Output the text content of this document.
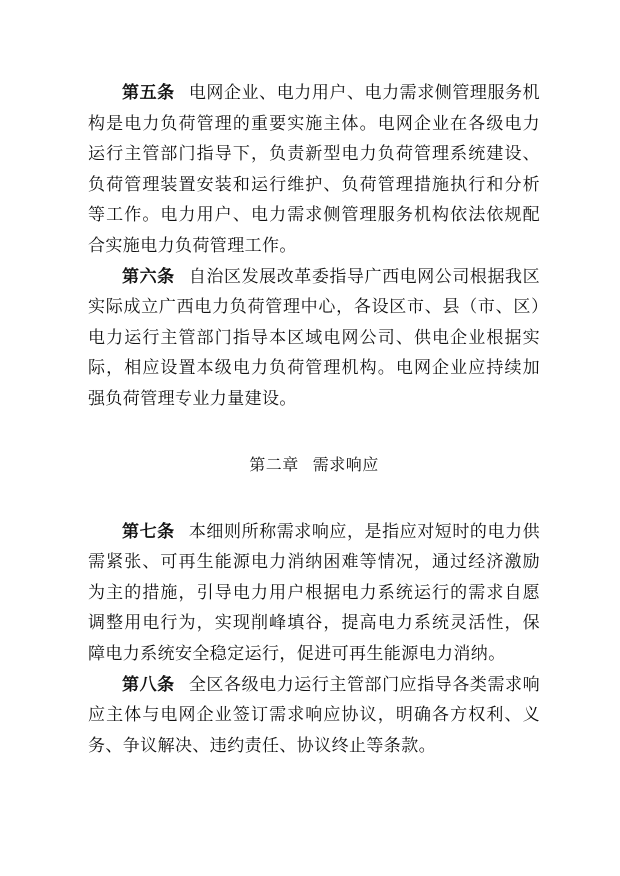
第五条 电网企业、电力用户、电力需求侧管理服务机构是电力负荷管理的重要实施主体。电网企业在各级电力运行主管部门指导下，负责新型电力负荷管理系统建设、负荷管理装置安装和运行维护、负荷管理措施执行和分析等工作。电力用户、电力需求侧管理服务机构依法依规配合实施电力负荷管理工作。

第六条 自治区发展改革委指导广西电网公司根据我区实际成立广西电力负荷管理中心，各设区市、县（市、区）电力运行主管部门指导本区域电网公司、供电企业根据实际，相应设置本级电力负荷管理机构。电网企业应持续加强负荷管理专业力量建设。

第二章 需求响应

第七条 本细则所称需求响应，是指应对短时的电力供需紧张、可再生能源电力消纳困难等情况，通过经济激励为主的措施，引导电力用户根据电力系统运行的需求自愿调整用电行为，实现削峰填谷，提高电力系统灵活性，保障电力系统安全稳定运行，促进可再生能源电力消纳。

第八条 全区各级电力运行主管部门应指导各类需求响应主体与电网企业签订需求响应协议，明确各方权利、义务、争议解决、违约责任、协议终止等条款。
